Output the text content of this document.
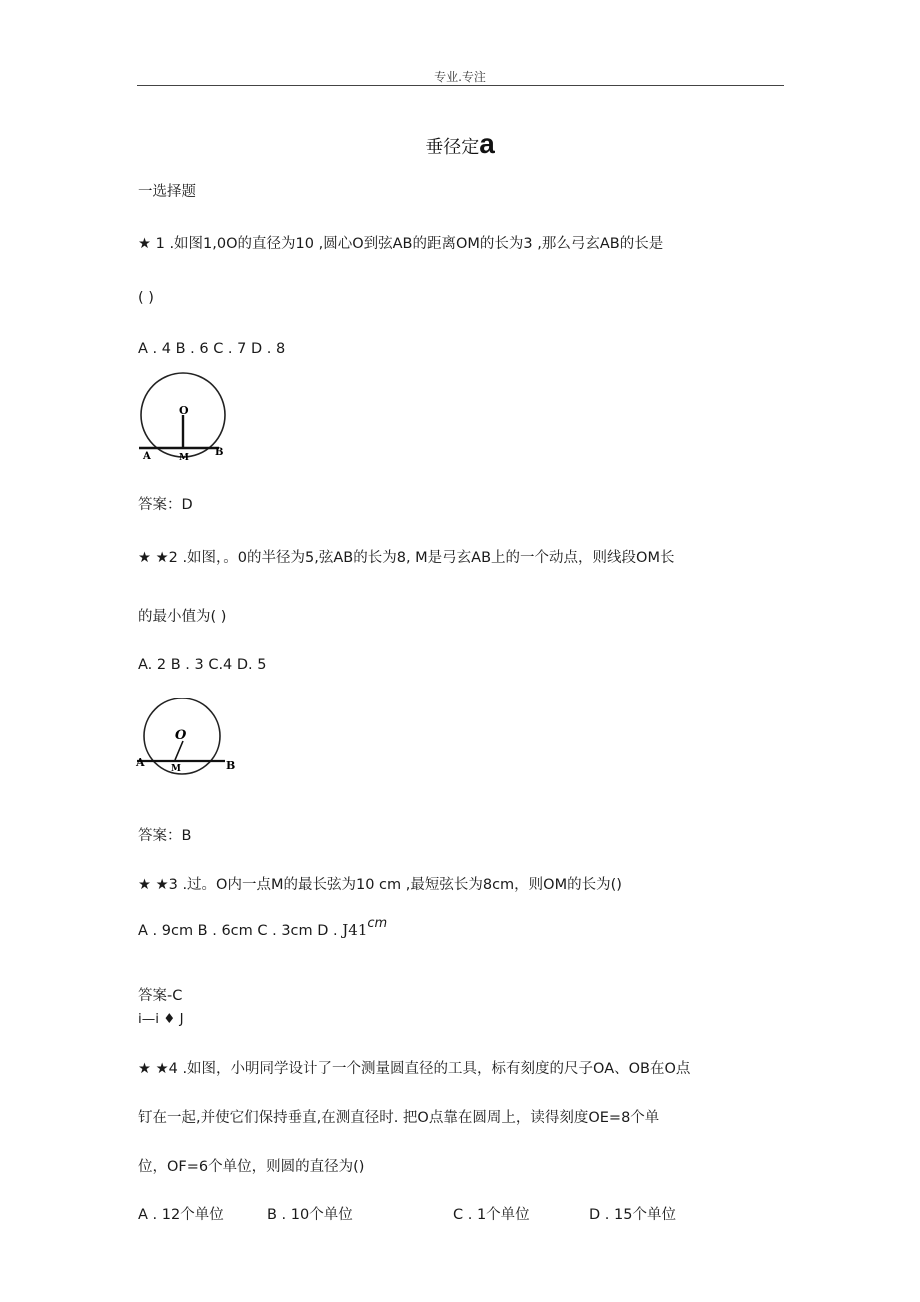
专业.专注
垂径定a
一选择题
★ 1 .如图1,0O的直径为10 ,圆心O到弦AB的距离OM的长为3 ,那么弓玄AB的长是
( )
A . 4 B . 6 C . 7 D . 8
O
A	M	B
答案：D
★ ★2 .如图，。0的半径为5,弦AB的长为8, M是弓玄AB上的一个动点，则线段OM长
的最小值为( )
A. 2 B . 3 C.4 D. 5
O
A	M	B
答案：B
★ ★3 .过。O内一点M的最长弦为10 cm ,最短弦长为8cm，则OM的长为()
A . 9cm B . 6cm C . 3cm D . J41cm
答案-C
i—i ♦ J
★ ★4 .如图，小明同学设计了一个测量圆直径的工具，标有刻度的尺子OA、OB在O点
钉在一起,并使它们保持垂直,在测直径时. 把O点靠在圆周上，读得刻度OE=8个单
位，OF=6个单位，则圆的直径为()
A . 12个单位	B . 10个单位	C . 1个单位	D . 15个单位
